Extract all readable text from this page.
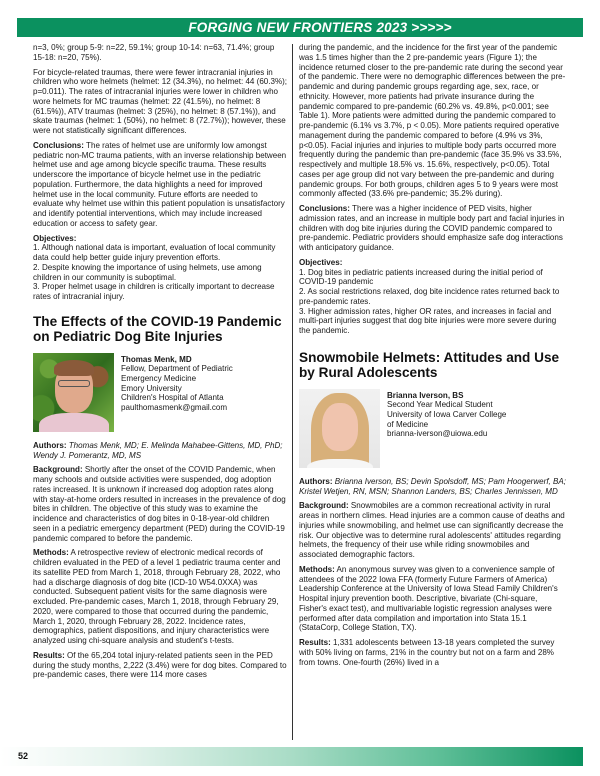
FORGING NEW FRONTIERS 2023 >>>>>

n=3, 0%; group 5-9: n=22, 59.1%; group 10-14: n=63, 71.4%; group 15-18: n=20, 75%).

For bicycle-related traumas, there were fewer intracranial injuries in children who wore helmets (helmet: 12 (34.3%), no helmet: 44 (60.3%); p=0.011). The rates of intracranial injuries were lower in children who wore helmets for MC traumas (helmet: 22 (41.5%), no helmet: 8 (61.5%)), ATV traumas (helmet: 3 (25%), no helmet: 8 (57.1%)), and skate traumas (helmet: 1 (50%), no helmet: 8 (72.7%)); however, these were not statistically significant differences.

Conclusions: The rates of helmet use are uniformly low amongst pediatric non-MC trauma patients, with an inverse relationship between helmet use and age among bicycle specific trauma. These results underscore the importance of bicycle helmet use in the pediatric population. Furthermore, the data highlights a need for improved helmet use in the local community. Future efforts are needed to evaluate why helmet use within this patient population is unsatisfactory and identify potential interventions, which may include increased education or access to safety gear.

Objectives:

1. Although national data is important, evaluation of local community data could help better guide injury prevention efforts.

2. Despite knowing the importance of using helmets, use among children in our community is suboptimal.

3. Proper helmet usage in children is critically important to decrease rates of intracranial injury.

The Effects of the COVID-19 Pandemic on Pediatric Dog Bite Injuries
Thomas Menk, MD
Fellow, Department of Pediatric
Emergency Medicine
Emory University
Children's Hospital of Atlanta
paulthomasmenk@gmail.com

Authors: Thomas Menk, MD; E. Melinda Mahabee-Gittens, MD, PhD; Wendy J. Pomerantz, MD, MS

Background: Shortly after the onset of the COVID Pandemic, when many schools and outside activities were suspended, dog adoption rates increased. It is unknown if increased dog adoption rates along with stay-at-home orders resulted in increases in the prevalence of dog bites in children. The objective of this study was to examine the incidence and characteristics of dog bites in 0-18-year-old children seen in a pediatric emergency department (PED) during the COVID-19 pandemic compared to before the pandemic.

Methods: A retrospective review of electronic medical records of children evaluated in the PED of a level 1 pediatric trauma center and its satellite PED from March 1, 2018, through February 28, 2022, who had a discharge diagnosis of dog bite (ICD-10 W54.0XXA) was conducted. Subsequent patient visits for the same diagnosis were excluded. Pre-pandemic cases, March 1, 2018, through February 29, 2020, were compared to those that occurred during the pandemic, March 1, 2020, through February 28, 2022. Incidence rates, demographics, patient dispositions, and injury characteristics were analyzed using chi-square analysis and student's t-tests.

Results: Of the 65,204 total injury-related patients seen in the PED during the study months, 2,222 (3.4%) were for dog bites. Compared to pre-pandemic cases, there were 114 more cases

during the pandemic, and the incidence for the first year of the pandemic was 1.5 times higher than the 2 pre-pandemic years (Figure 1); the incidence returned closer to the pre-pandemic rate during the second year of the pandemic. There were no demographic differences between the pre-pandemic and during pandemic groups regarding age, sex, race, or ethnicity. However, more patients had private insurance during the pandemic compared to pre-pandemic (60.2% vs. 49.8%, p<0.001; see Table 1). More patients were admitted during the pandemic compared to pre-pandemic (6.1% vs 3.7%, p < 0.05). More patients required operative management during the pandemic compared to before (4.9% vs 3%, p<0.05). Facial injuries and injuries to multiple body parts occurred more frequently during the pandemic than pre-pandemic (face 35.9% vs 33.5%, respectively and multiple 18.5% vs. 15.6%, respectively, p<0.05). Total cases per age group did not vary between the pre-pandemic and during pandemic groups. For both groups, children ages 5 to 9 years were most commonly affected (33.6% pre-pandemic; 35.2% during).

Conclusions: There was a higher incidence of PED visits, higher admission rates, and an increase in multiple body part and facial injuries in children with dog bite injuries during the COVID pandemic compared to pre-pandemic. Pediatric providers should emphasize safe dog interactions with anticipatory guidance.

Objectives:

1. Dog bites in pediatric patients increased during the initial period of COVID-19 pandemic

2. As social restrictions relaxed, dog bite incidence rates returned back to pre-pandemic rates.

3. Higher admission rates, higher OR rates, and increases in facial and multi-part injuries suggest that dog bite injuries were more severe during the pandemic.

Snowmobile Helmets: Attitudes and Use by Rural Adolescents
Brianna Iverson, BS
Second Year Medical Student
University of Iowa Carver College of Medicine
brianna-iverson@uiowa.edu

Authors: Brianna Iverson, BS; Devin Spolsdoff, MS; Pam Hoogerwerf, BA; Kristel Wetjen, RN, MSN; Shannon Landers, BS; Charles Jennissen, MD

Background: Snowmobiles are a common recreational activity in rural areas in northern climes. Head injuries are a common cause of deaths and injuries while snowmobiling, and helmet use can significantly decrease the risk. Our objective was to determine rural adolescents' attitudes regarding helmets, the frequency of their use while riding snowmobiles and associated demographic factors.

Methods: An anonymous survey was given to a convenience sample of attendees of the 2022 Iowa FFA (formerly Future Farmers of America) Leadership Conference at the University of Iowa Stead Family Children's Hospital injury prevention booth. Descriptive, bivariate (Chi-square, Fisher's exact test), and multivariable logistic regression analyses were performed after data compilation and importation into Stata 15.1 (StataCorp, College Station, TX).

Results: 1,331 adolescents between 13-18 years completed the survey with 50% living on farms, 21% in the country but not on a farm and 28% from towns. One-fourth (26%) lived in a

52
